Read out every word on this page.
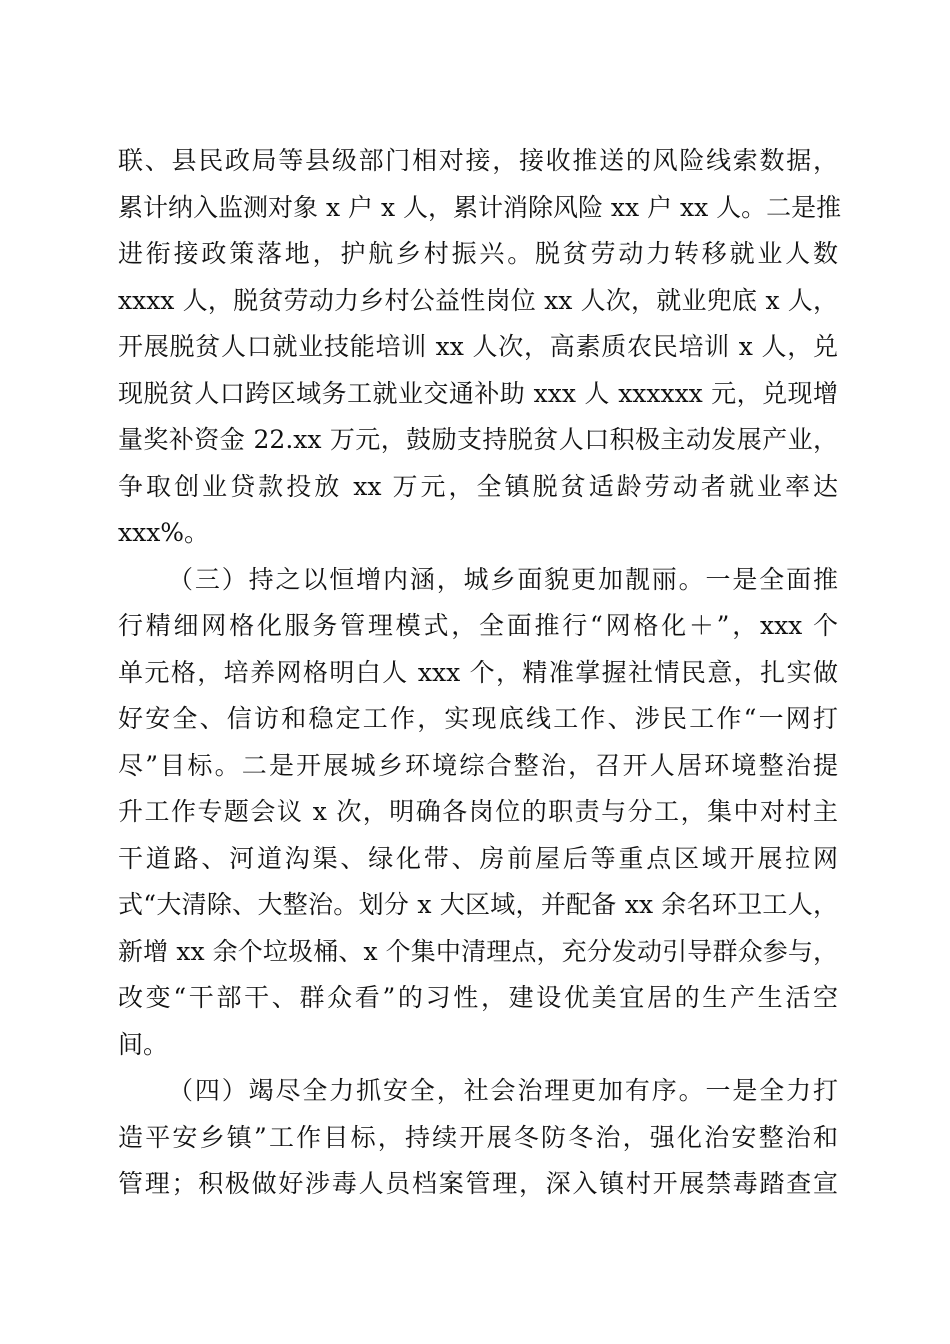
联、县民政局等县级部门相对接，接收推送的风险线索数据，
累计纳入监测对象 x 户 x 人，累计消除风险 xx 户 xx 人。二是推
进衔接政策落地，护航乡村振兴。脱贫劳动力转移就业人数
xxxx 人，脱贫劳动力乡村公益性岗位 xx 人次，就业兜底 x 人，
开展脱贫人口就业技能培训 xx 人次，高素质农民培训 x 人，兑
现脱贫人口跨区域务工就业交通补助 xxx 人 xxxxxx 元，兑现增
量奖补资金 22.xx 万元，鼓励支持脱贫人口积极主动发展产业，
争取创业贷款投放 xx 万元，全镇脱贫适龄劳动者就业率达
xxx%。
（三）持之以恒增内涵，城乡面貌更加靓丽。一是全面推
行精细网格化服务管理模式，全面推行“网格化＋”，xxx 个
单元格，培养网格明白人 xxx 个，精准掌握社情民意，扎实做
好安全、信访和稳定工作，实现底线工作、涉民工作“一网打
尽”目标。二是开展城乡环境综合整治，召开人居环境整治提
升工作专题会议 x 次，明确各岗位的职责与分工，集中对村主
干道路、河道沟渠、绿化带、房前屋后等重点区域开展拉网
式“大清除、大整治。划分 x 大区域，并配备 xx 余名环卫工人，
新增 xx 余个垃圾桶、x 个集中清理点，充分发动引导群众参与，
改变“干部干、群众看”的习性，建设优美宜居的生产生活空
间。
（四）竭尽全力抓安全，社会治理更加有序。一是全力打
造平安乡镇”工作目标，持续开展冬防冬治，强化治安整治和
管理；积极做好涉毒人员档案管理，深入镇村开展禁毒踏查宣
